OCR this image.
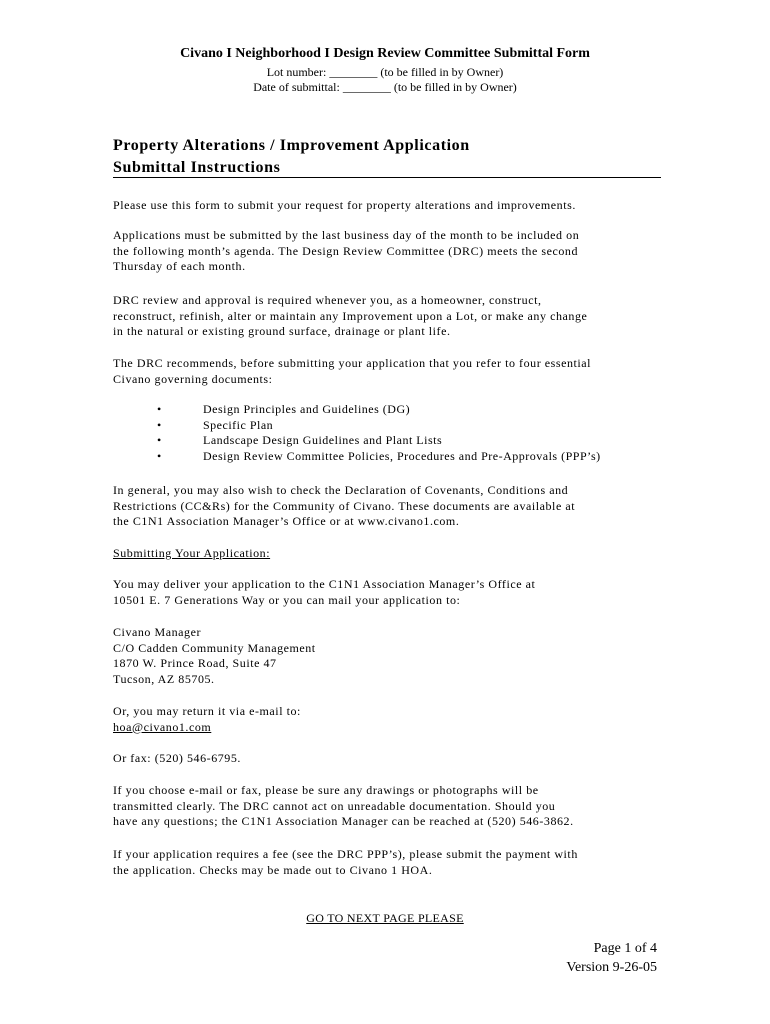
Civano I Neighborhood I Design Review Committee Submittal Form
Lot number: ________ (to be filled in by Owner)
Date of submittal: ________ (to be filled in by Owner)
Property Alterations / Improvement Application
Submittal Instructions

Please use this form to submit your request for property alterations and improvements.

Applications must be submitted by the last business day of the month to be included on
the following month’s agenda. The Design Review Committee (DRC) meets the second
Thursday of each month.

DRC review and approval is required whenever you, as a homeowner, construct,
reconstruct, refinish, alter or maintain any Improvement upon a Lot, or make any change
in the natural or existing ground surface, drainage or plant life.

The DRC recommends, before submitting your application that you refer to four essential
Civano governing documents:

•	Design Principles and Guidelines (DG)
•	Specific Plan
•	Landscape Design Guidelines and Plant Lists
•	Design Review Committee Policies, Procedures and Pre-Approvals (PPP’s)

In general, you may also wish to check the Declaration of Covenants, Conditions and
Restrictions (CC&Rs) for the Community of Civano. These documents are available at
the C1N1 Association Manager’s Office or at www.civano1.com.

Submitting Your Application:

You may deliver your application to the C1N1 Association Manager’s Office at
10501 E. 7 Generations Way or you can mail your application to:

Civano Manager
C/O Cadden Community Management
1870 W. Prince Road, Suite 47
Tucson, AZ 85705.

Or, you may return it via e-mail to:
hoa@civano1.com

Or fax: (520) 546-6795.

If you choose e-mail or fax, please be sure any drawings or photographs will be
transmitted clearly. The DRC cannot act on unreadable documentation. Should you
have any questions; the C1N1 Association Manager can be reached at (520) 546-3862.

If your application requires a fee (see the DRC PPP’s), please submit the payment with
the application. Checks may be made out to Civano 1 HOA.

GO TO NEXT PAGE PLEASE
Page 1 of 4
Version 9-26-05
